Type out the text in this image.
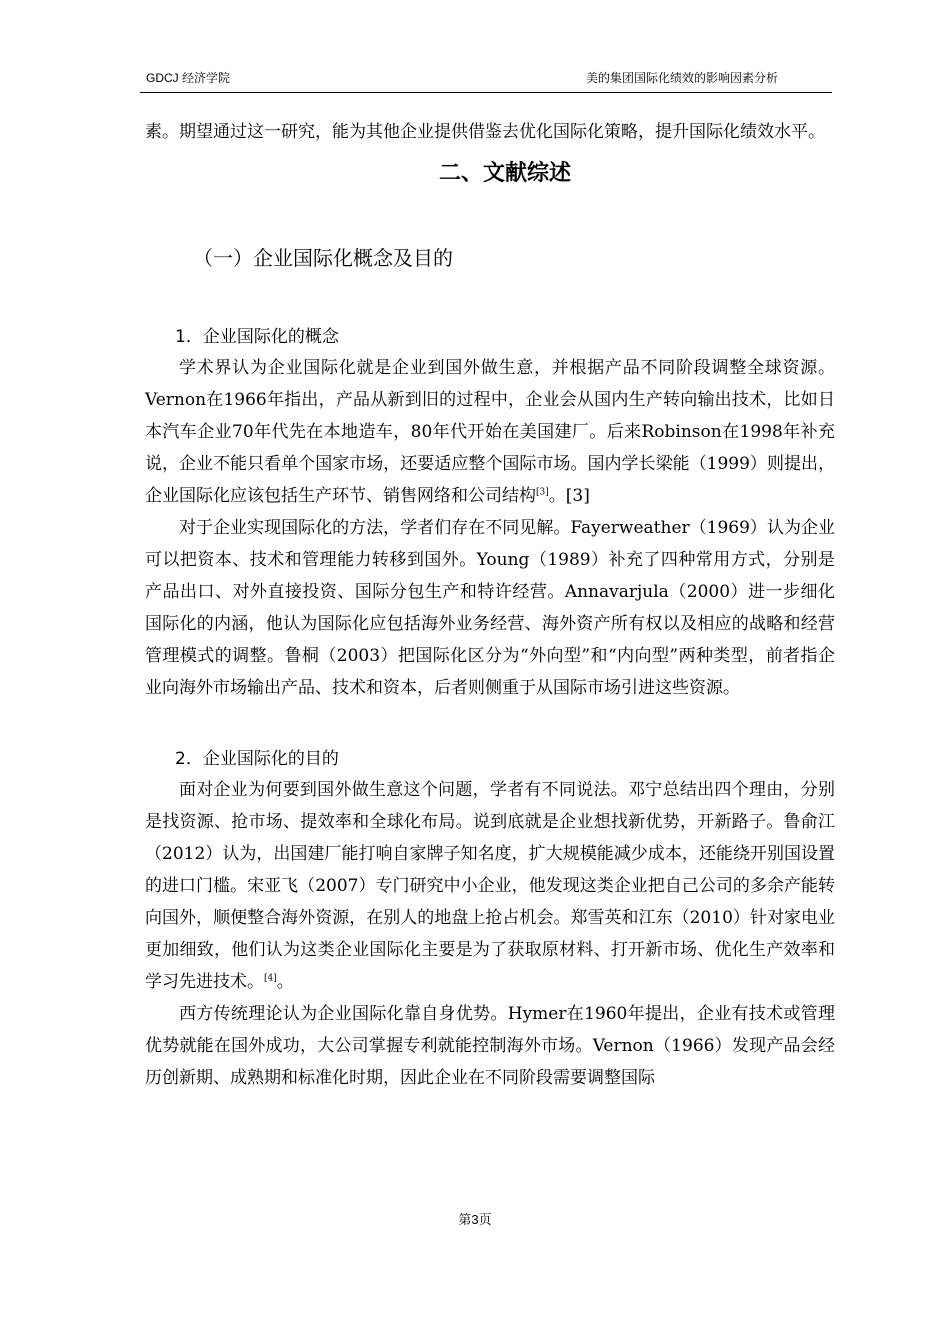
GDCJ 经济学院	美的集团国际化绩效的影响因素分析

素。期望通过这一研究，能为其他企业提供借鉴去优化国际化策略，提升国际化绩效水平。

二、文献综述
（一）企业国际化概念及目的
1．企业国际化的概念

学术界认为企业国际化就是企业到国外做生意，并根据产品不同阶段调整全球资源。Vernon在1966年指出，产品从新到旧的过程中，企业会从国内生产转向输出技术，比如日本汽车企业70年代先在本地造车，80年代开始在美国建厂。后来Robinson在1998年补充说，企业不能只看单个国家市场，还要适应整个国际市场。国内学长梁能（1999）则提出，企业国际化应该包括生产环节、销售网络和公司结构[3]。[3]

对于企业实现国际化的方法，学者们存在不同见解。Fayerweather（1969）认为企业可以把资本、技术和管理能力转移到国外。Young（1989）补充了四种常用方式，分别是产品出口、对外直接投资、国际分包生产和特许经营。Annavarjula（2000）进一步细化国际化的内涵，他认为国际化应包括海外业务经营、海外资产所有权以及相应的战略和经营管理模式的调整。鲁桐（2003）把国际化区分为“外向型”和“内向型”两种类型，前者指企业向海外市场输出产品、技术和资本，后者则侧重于从国际市场引进这些资源。

2．企业国际化的目的

面对企业为何要到国外做生意这个问题，学者有不同说法。邓宁总结出四个理由，分别是找资源、抢市场、提效率和全球化布局。说到底就是企业想找新优势，开新路子。鲁俞江（2012）认为，出国建厂能打响自家牌子知名度，扩大规模能减少成本，还能绕开别国设置的进口门槛。宋亚飞（2007）专门研究中小企业，他发现这类企业把自己公司的多余产能转向国外，顺便整合海外资源，在别人的地盘上抢占机会。郑雪英和江东（2010）针对家电业更加细致，他们认为这类企业国际化主要是为了获取原材料、打开新市场、优化生产效率和学习先进技术。[4]。

西方传统理论认为企业国际化靠自身优势。Hymer在1960年提出，企业有技术或管理优势就能在国外成功，大公司掌握专利就能控制海外市场。Vernon（1966）发现产品会经历创新期、成熟期和标准化时期，因此企业在不同阶段需要调整国际

第3页
